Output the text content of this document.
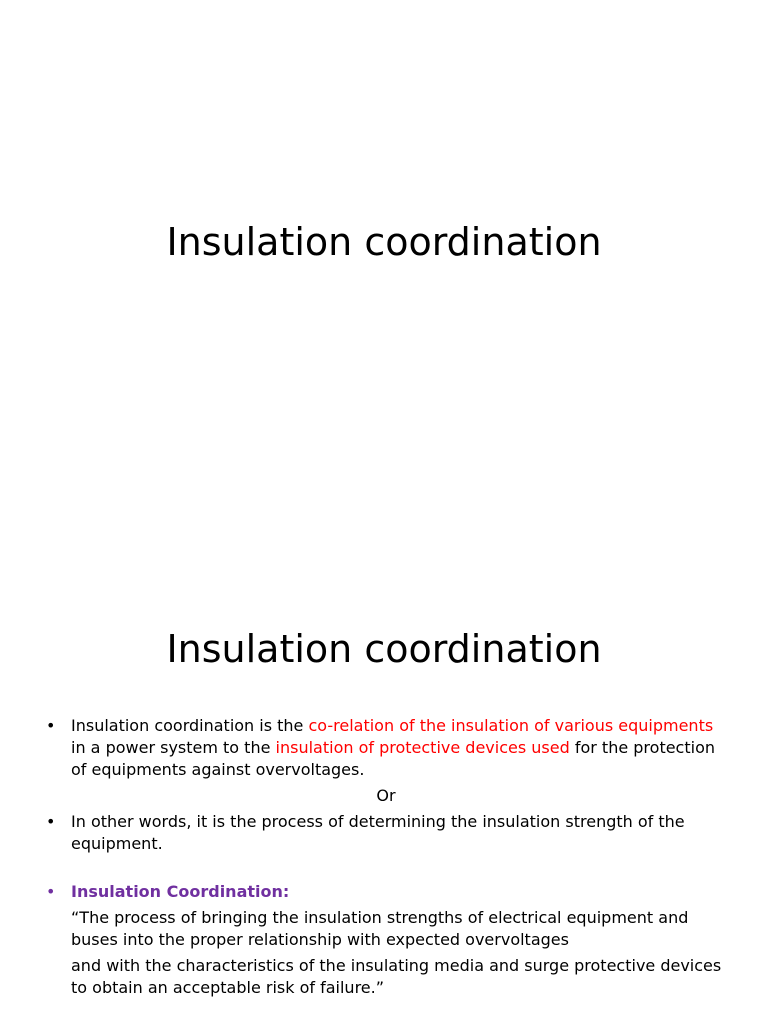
Insulation coordination
Insulation coordination
• Insulation coordination is the co-relation of the insulation of various equipments in a power system to the insulation of protective devices used for the protection of equipments against overvoltages.
Or
• In other words, it is the process of determining the insulation strength of the equipment.
• Insulation Coordination:

“The process of bringing the insulation strengths of electrical equipment and buses into the proper relationship with expected overvoltages

and with the characteristics of the insulating media and surge protective devices to obtain an acceptable risk of failure.”
